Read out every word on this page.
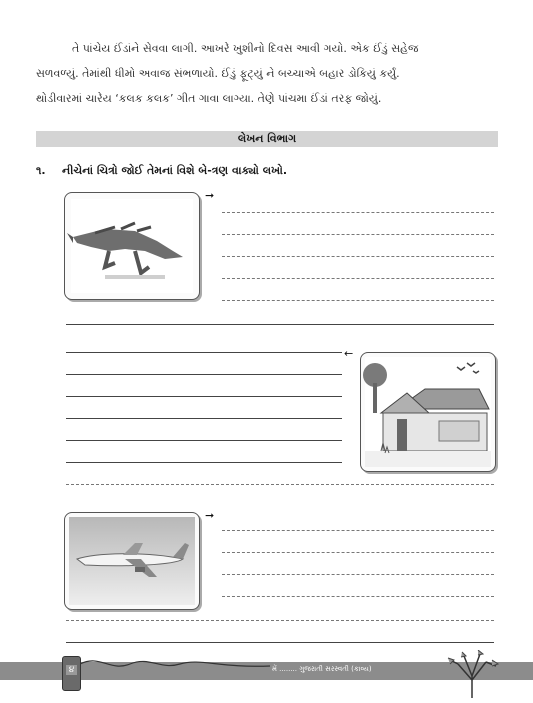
તે પાંચેય ઈંડાંને સેવવા લાગી. આખરે ખુશીનો દિવસ આવી ગયો. એક ઈંડું સહેજ

સળવળ્યું. તેમાંથી ધીમો અવાજ સંભળાયો. ઈંડું ફૂટ્યું ને બચ્ચાએ બહાર ડોકિયું કર્યું.

થોડીવારમાં ચારેય ‘કલક કલક’ ગીત ગાવા લાગ્યા. તેણે પાંચમા ઈંડાં તરફ જોયું.

લેખન વિભાગ
૧. નીચેનાં ચિત્રો જોઈ તેમનાં વિશે બે-ત્રણ વાક્યો લખો.
➞
←
➞
૪	મેં ........ ગુજરાતી સરસ્વતી (કાવ્ય)
